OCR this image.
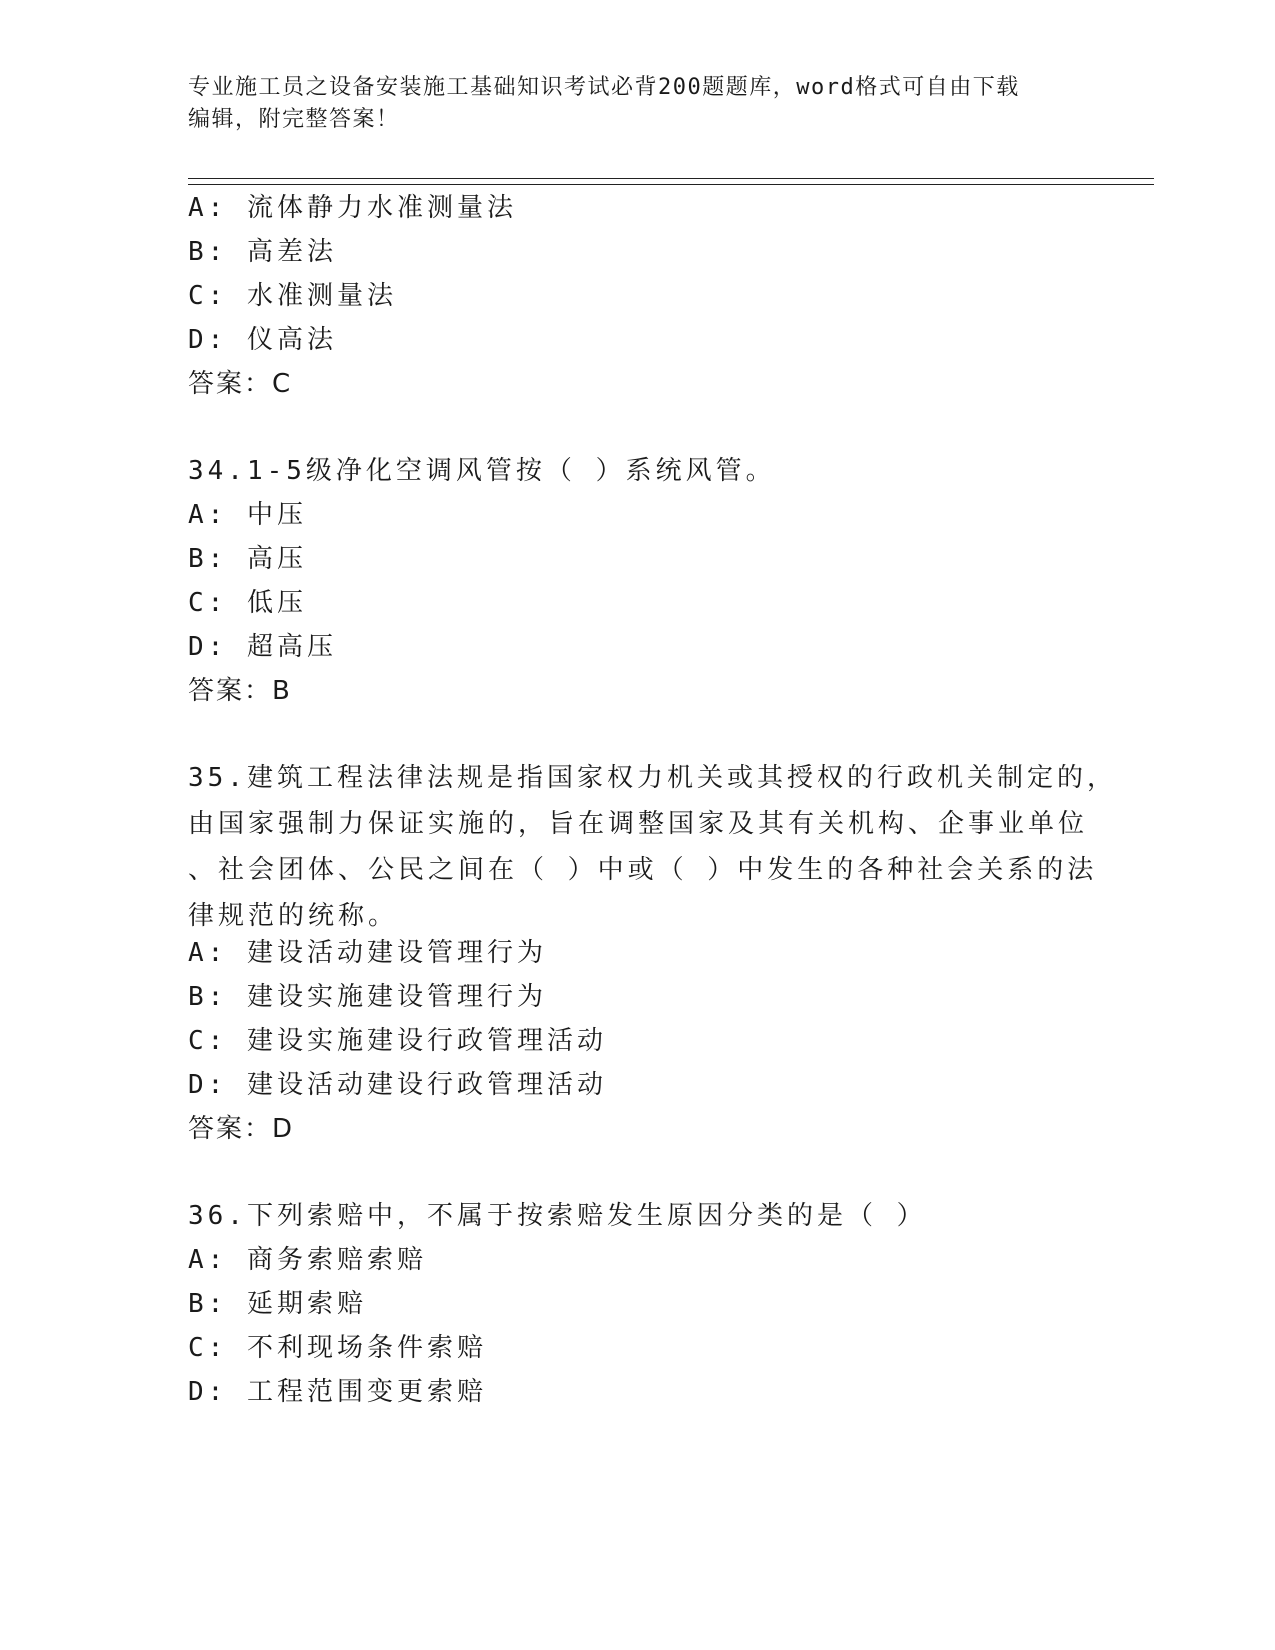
专业施工员之设备安装施工基础知识考试必背200题题库，word格式可自由下载
编辑，附完整答案！
A: 流体静力水准测量法
B: 高差法
C: 水准测量法
D: 仪高法
答案：C
34.1-5级净化空调风管按（ ）系统风管。
A: 中压
B: 高压
C: 低压
D: 超高压
答案：B
35.建筑工程法律法规是指国家权力机关或其授权的行政机关制定的，
由国家强制力保证实施的，旨在调整国家及其有关机构、企事业单位
、社会团体、公民之间在（ ）中或（ ）中发生的各种社会关系的法
律规范的统称。
A: 建设活动建设管理行为
B: 建设实施建设管理行为
C: 建设实施建设行政管理活动
D: 建设活动建设行政管理活动
答案：D
36.下列索赔中，不属于按索赔发生原因分类的是（ ）
A: 商务索赔索赔
B: 延期索赔
C: 不利现场条件索赔
D: 工程范围变更索赔
